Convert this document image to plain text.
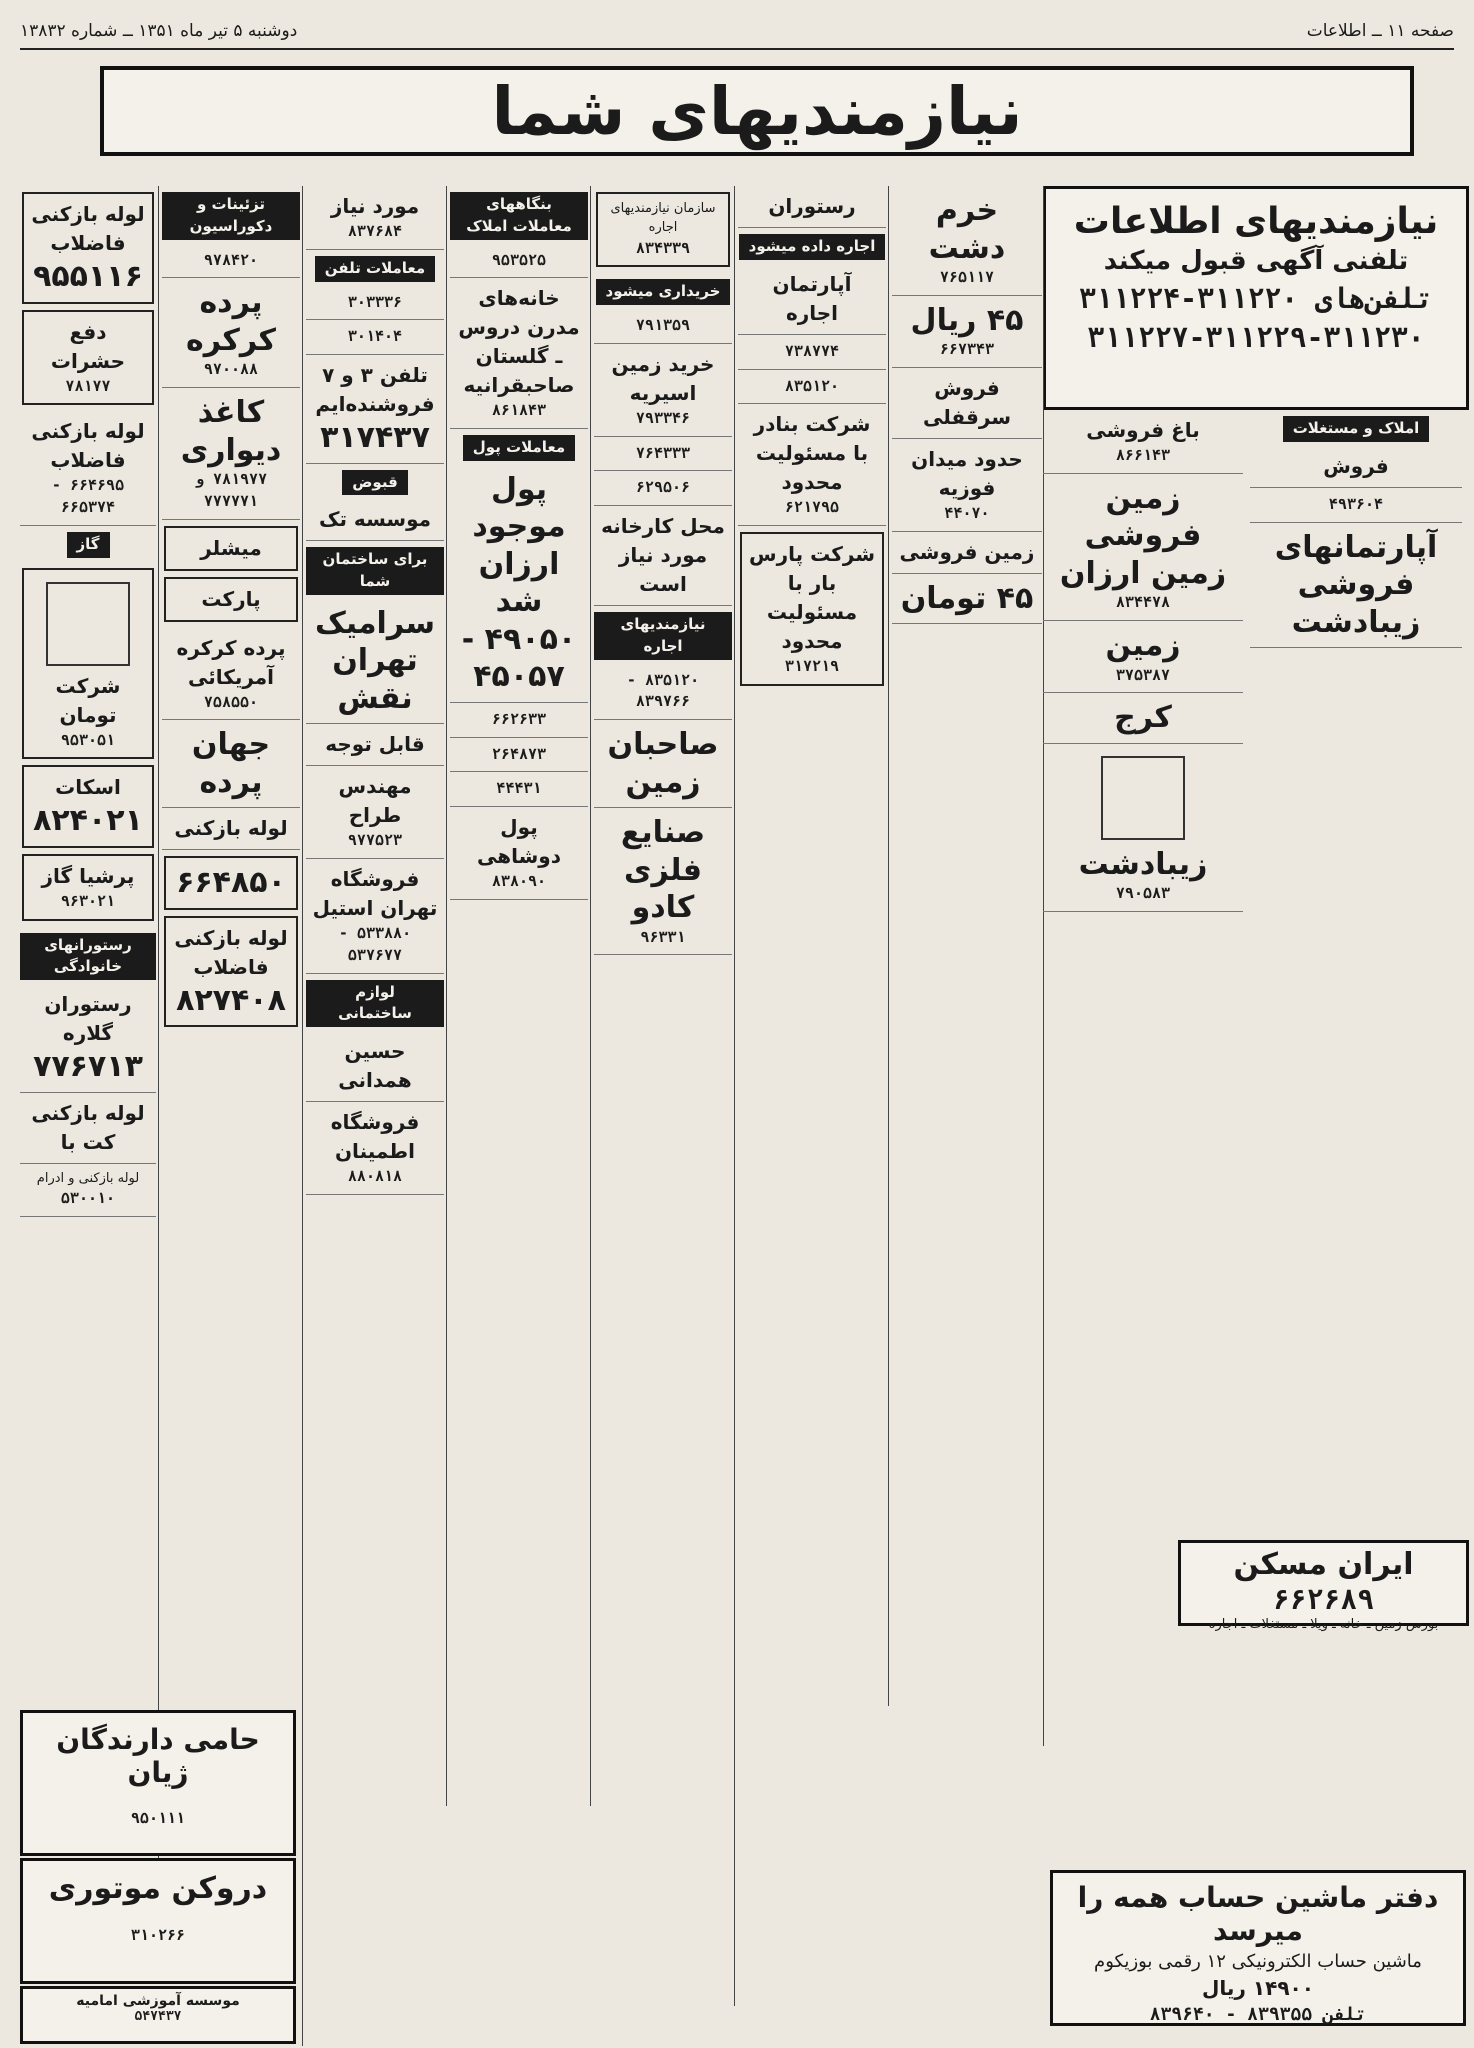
صفحه ۱۱ ــ اطلاعات
دوشنبه ۵ تیر ماه ۱۳۵۱ ــ شماره ۱۳۸۳۲
نیازمندیهای شما
نیازمندیهای اطلاعات
تلفنی آگهی قبول میکند
تلفن‌های ۳۱۱۲۲۰-۳۱۱۲۲۴
۳۱۱۲۲۷-۳۱۱۲۲۹-۳۱۱۲۳۰
لوله بازکنی فاضلاب
۹۵۵۱۱۶
دفع حشرات
۷۸۱۷۷
لوله بازکنی فاضلاب
۶۶۴۶۹۵ - ۶۶۵۳۷۴
گاز
شرکت تومان
۹۵۳۰۵۱
اسکات
۸۲۴۰۲۱
پرشیا گاز
۹۶۳۰۲۱
رستورانهای خانوادگی
رستوران گلاره
۷۷۶۷۱۳
لوله بازکنی کت با
لوله بازکنی و ادرام
۵۳۰۰۱۰
تزئینات و دکوراسیون
۹۷۸۴۲۰
پرده کرکره
۹۷۰۰۸۸
کاغذ دیواری
۷۸۱۹۷۷ و ۷۷۷۷۷۱
میشلر
پارکت
پرده کرکره آمریکائی
۷۵۸۵۵۰
جهان پرده
لوله بازکنی
۶۶۴۸۵۰
لوله بازکنی فاضلاب
۸۲۷۴۰۸
مورد نیاز
۸۳۷۶۸۴
معاملات تلفن
۳۰۳۳۳۶
۳۰۱۴۰۴
تلفن ۳ و ۷ فروشنده‌ایم
۳۱۷۴۳۷
قبوض
موسسه تک
برای ساختمان شما
سرامیک تهران نقش
قابل توجه
مهندس طراح
۹۷۷۵۲۳
فروشگاه تهران استیل
۵۳۳۸۸۰ - ۵۳۷۶۷۷
لوازم ساختمانی
حسین همدانی
فروشگاه اطمینان
۸۸۰۸۱۸
بنگاههای معاملات املاک
۹۵۳۵۲۵
خانه‌های مدرن دروس ـ گلستان صاحبقرانیه
۸۶۱۸۴۳
معاملات پول
پول موجود ارزان شد
۴۹۰۵۰ - ۴۵۰۵۷
۶۶۲۶۳۳
۲۶۴۸۷۳
۴۴۴۳۱
پول دوشاهی
۸۳۸۰۹۰
سازمان نیازمندیهای اجاره
۸۳۴۳۳۹
خریداری میشود
۷۹۱۳۵۹
خرید زمین اسیریه
۷۹۳۳۴۶
۷۶۴۳۳۳
۶۲۹۵۰۶
محل کارخانه مورد نیاز است
نیازمندیهای اجاره
۸۳۵۱۲۰ - ۸۳۹۷۶۶
صاحبان زمین
صنایع فلزی کادو
۹۶۳۳۱
رستوران
اجاره داده میشود
آپارتمان اجاره
۷۳۸۷۷۴
۸۳۵۱۲۰
شرکت بنادر با مسئولیت محدود
۶۲۱۷۹۵
شرکت پارس بار با مسئولیت محدود
۳۱۷۲۱۹
خرم دشت
۷۶۵۱۱۷
۴۵ ریال
۶۶۷۳۴۳
فروش سرقفلی
حدود میدان فوزیه
۴۴۰۷۰
زمین فروشی
۴۵ تومان
باغ فروشی
۸۶۶۱۴۳
زمین فروشی زمین ارزان
۸۳۴۴۷۸
زمین
۳۷۵۳۸۷
کرج
زیبادشت
۷۹۰۵۸۳
املاک و مستغلات
فروش
۴۹۳۶۰۴
آپارتمانهای فروشی زیبادشت
ایران مسکن ۶۶۲۶۸۹
بورس زمین ـ خانه ـ ویلا ـ مستغلات ـ اجاره
دفتر ماشین حساب همه را میرسد
ماشین حساب الکترونیکی ۱۲ رقمی بوزیکوم
۱۴۹۰۰ ریال
تلفن ۸۳۹۳۵۵ - ۸۳۹۶۴۰
حامی دارندگان ژیان
۹۵۰۱۱۱
دروکن موتوری
۳۱۰۲۶۶
موسسه آموزشی امامیه
۵۴۷۴۳۷
